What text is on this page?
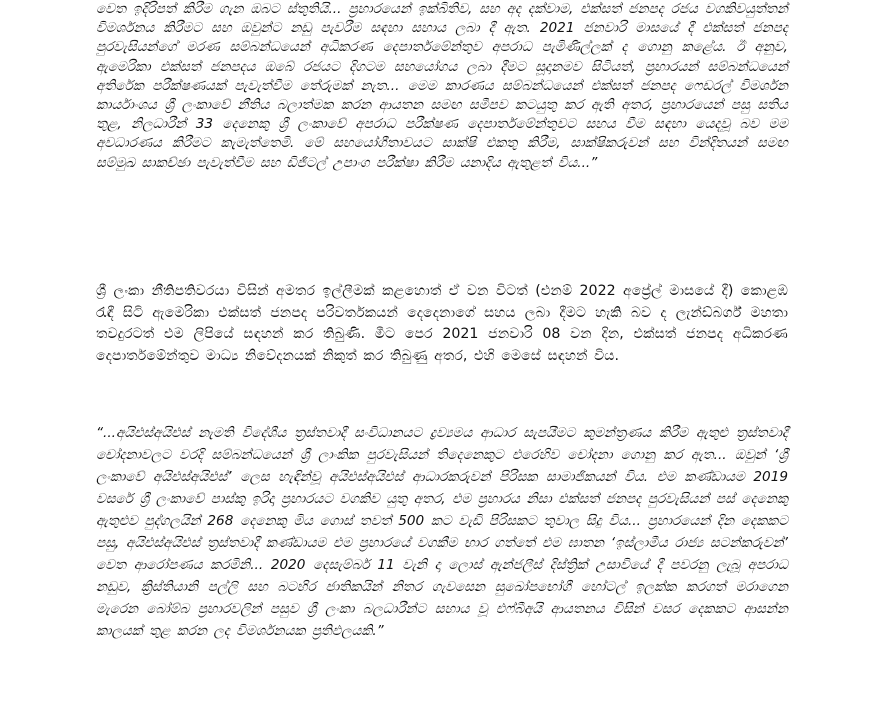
වෙත ඉදිරිපත් කිරීම ගැන ඔබට ස්තුතියි... ප්‍රහාරයෙන් ඉක්බිතිව, සහ අද දක්වාම, එක්සත් ජනපද රජය වගකිවයුත්තන් විමර්ශනය කිරීමට සහ ඔවුන්ට නඩු පැවරීම සඳහා සහාය ලබා දී ඇත. 2021 ජනවාරි මාසයේ දී එක්සත් ජනපද පුරවැසියන්ගේ මරණ සම්බන්ධයෙන් අධිකරණ දෙපාර්තමේන්තුව අපරාධ පැමිණිල්ලක් ද ගොනු කළේය. ඊ අනුව, ඇමෙරිකා එක්සත් ජනපදය ඔබේ රජයට දිගටම සහයෝගය ලබා දීමට සූදානමව සිටියත්, ප්‍රහාරයන් සම්බන්ධයෙන් අතිරේක පරීක්ෂණයක් පැවැත්වීම තේරුමක් නැත... මෙම කාරණය සම්බන්ධයෙන් එක්සත් ජනපද ෆෙඩරල් විමර්ශන කාර්යාංශය ශ්‍රී ලංකාවේ නීතිය බලාත්මක කරන ආයතන සමඟ සමීපව කටයුතු කර ඇති අතර, ප්‍රහාරයෙන් පසු සතිය තුළ, නිලධාරීන් 33 දෙනෙකු ශ්‍රී ලංකාවේ අපරාධ පරීක්ෂණ දෙපාර්තමේන්තුවට සහය වීම සඳහා යෙදවූ බව මම අවධාරණය කිරීමට කැමැත්තෙමි. මේ සහයෝගීතාවයට සාක්ෂි එකතු කිරීම, සාක්ෂිකරුවන් සහ වින්දිතයන් සමඟ සම්මුඛ සාකච්ඡා පැවැත්වීම සහ ඩිජිටල් උපාංග පරීක්ෂා කිරීම යනාදිය ඇතුළත් විය...”

ශ්‍රී ලංකා නීතිපතිවරයා විසින් අමතර ඉල්ලීමක් කළහොත් ඒ වන විටත් (එනම් 2022 අප්‍රේල් මාසයේ දී) කොළඹ රැඳී සිටි ඇමෙරිකා එක්සත් ජනපද පරිවර්තකයන් දෙදෙනාගේ සහය ලබා දීමට හැකි බව ද ලැන්ඩ්බර්ග් මහතා තවදුරටත් එම ලිපියේ සඳහන් කර තිබුණි. මීට පෙර 2021 ජනවාරි 08 වන දින, එක්සත් ජනපද අධිකරණ දෙපාර්තමේන්තුව මාධ්‍ය නිවේදනයක් නිකුත් කර තිබුණු අතර, එහි මෙසේ සඳහන් විය.

“...අයිඑස්අයිඑස් නැමති විදේශීය ත්‍රස්තවාදී සංවිධානයට ද්‍රව්‍යමය ආධාර සැපයීමට කුමන්ත්‍රණය කිරීම ඇතුළු ත්‍රස්තවාදී චෝදනාවලට වරදි සම්බන්ධයෙන් ශ්‍රී ලාංකික පුරවැසියන් තිදෙනෙකුට එරෙහිව චෝදනා ගොනු කර ඇත... ඔවුන් ‘ශ්‍රී ලංකාවේ අයිඑස්අයිඑස්’ ලෙස හැඳින්වූ අයිඑස්අයිඑස් ආධාරකරුවන් පිරිසක සාමාජිකයන් විය. එම කණ්ඩායම 2019 වසරේ ශ්‍රී ලංකාවේ පාස්කු ඉරිදා ප්‍රහාරයට වගකිව යුතු අතර, එම ප්‍රහාරය නිසා එක්සත් ජනපද පුරවැසියන් පස් දෙනෙකු ඇතුළුව පුද්ගලයින් 268 දෙනෙකු මිය ගොස් තවත් 500 කට වැඩි පිරිසකට තුවාල සිදු විය... ප්‍රහාරයෙන් දින දෙකකට පසු, අයිඑස්අයිඑස් ත්‍රස්තවාදී කණ්ඩායම එම ප්‍රහාරයේ වගකීම භාර ගත්තේ එම ඝාතන ‘ඉස්ලාමීය රාජ්‍ය සටන්කරුවන්’ වෙත ආරෝපණය කරමිනි... 2020 දෙසැම්බර් 11 වැනි දා ලොස් ඇන්ජලීස් දිස්ත්‍රික් උසාවියේ දී පවරනු ලැබූ අපරාධ නඩුව, ක්‍රිස්තියානි පල්ලි සහ බටහිර ජාතිකයින් නිතර ගැවසෙන සුඛෝපභෝගී හෝටල් ඉලක්ක කරගත් මරාගෙන මැරෙන බෝම්බ ප්‍රහාරවලින් පසුව ශ්‍රී ලංකා බලධාරීන්ට සහාය වූ එෆ්බීඅයි ආයතනය විසින් වසර දෙකකට ආසන්න කාලයක් තුළ කරන ලද විමර්ශනයක ප්‍රතිඵලයකි.”
